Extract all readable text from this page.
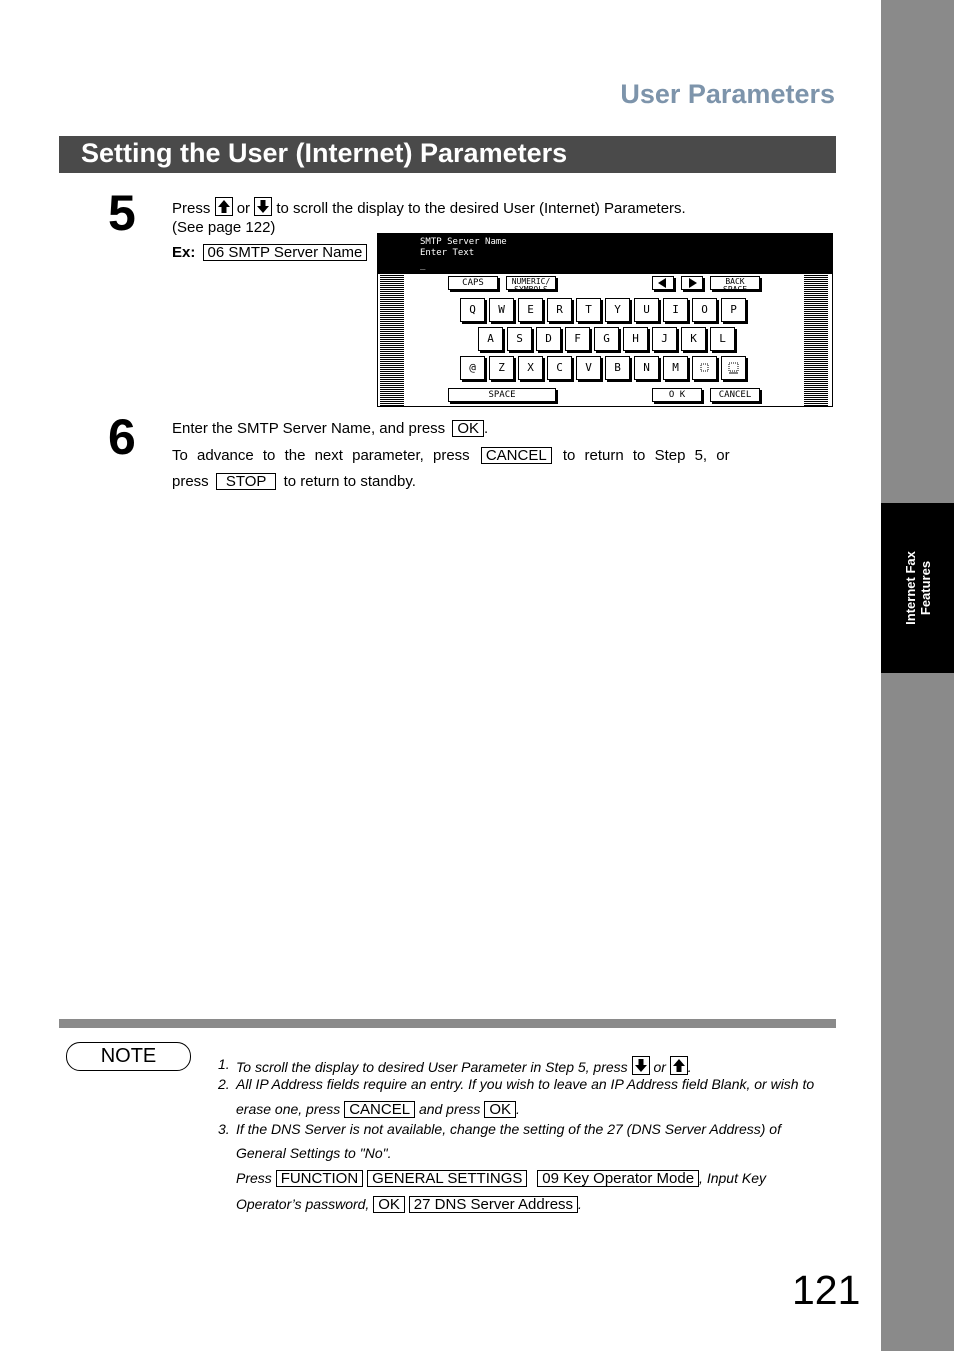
Internet Fax
Features
User Parameters
Setting the User (Internet) Parameters
5 Press or to scroll the display to the desired User (Internet) Parameters.
(See page 122)
Ex: 06 SMTP Server Name
SMTP Server Name
Enter Text
_
CAPS	NUMERIC/
SYMBOLS
BACK
SPACE
Q	W	E	R	T	Y	U	I	O	P
A	S	D	F	G	H	J	K	L
@	Z	X	C	V	B	N	M
SPACE	O K	CANCEL
6 Enter the SMTP Server Name, and press OK .
To advance to the next parameter, press CANCEL to return to Step 5, or
press STOP to return to standby.
NOTE	1. To scroll the display to desired User Parameter in Step 5, press or .
2. All IP Address fields require an entry. If you wish to leave an IP Address field Blank, or wish to
erase one, press CANCEL and press OK .
3. If the DNS Server is not available, change the setting of the 27 (DNS Server Address) of
General Settings to "No".
Press FUNCTION GENERAL SETTINGS 09 Key Operator Mode , Input Key
Operator’s password, OK 27 DNS Server Address .
121
